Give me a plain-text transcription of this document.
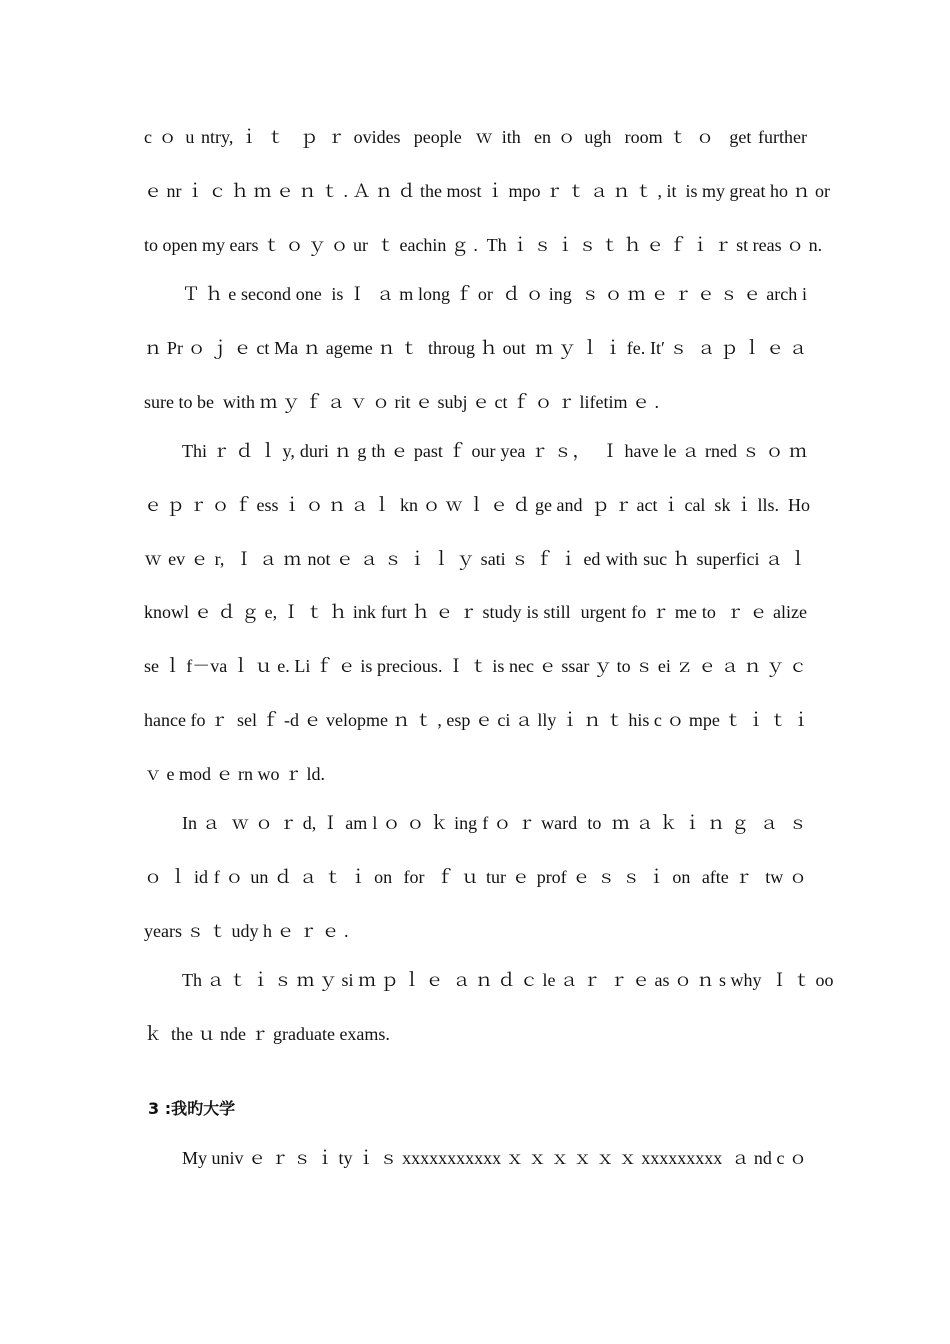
c ｏ u ntry, ｉ ｔ  ｐ ｒ ovides  people  ｗ ith  en ｏ ugh  room ｔ ｏ  get further
ｅ nr ｉ ｃ ｈ ｍ ｅ ｎ ｔ . Ａ ｎ ｄ the most ｉ mpo ｒ ｔ ａ ｎ ｔ , it  is my great ho ｎ or
to open my ears ｔ ｏ ｙ ｏ ur  ｔ eachin ｇ .  Th ｉ ｓ ｉ ｓ ｔ ｈ ｅ ｆ ｉ ｒ st reas ｏ n.
Ｔ ｈ e second one  is Ｉ  ａ m long ｆ or  ｄ ｏ ing  ｓ ｏ ｍ ｅ ｒ ｅ ｓ ｅ arch i
ｎ Pr ｏ ｊ ｅ ct Ma ｎ ageme ｎ ｔ  throug ｈ out  ｍ ｙ ｌ ｉ fe. It′ ｓ  ａ ｐ ｌ ｅ ａ
sure to be  with ｍ ｙ ｆ ａ ｖ ｏ rit ｅ subj ｅ ct ｆ ｏ ｒ lifetim ｅ .
Thi ｒ ｄ ｌ y, duri ｎ g th ｅ past ｆ our yea ｒ ｓ，  Ｉ have le ａ rned ｓ ｏ ｍ
ｅ ｐ ｒ ｏ ｆ ess ｉ ｏ ｎ ａ ｌ  kn ｏ ｗ ｌ ｅ ｄ ge and  ｐ ｒ act ｉ cal  sk ｉ lls.  Ho
ｗ ev ｅ r,  Ｉ ａ ｍ not ｅ ａ ｓ ｉ ｌ ｙ sati ｓ ｆ ｉ ed with suc ｈ superfici ａ ｌ
knowl ｅ ｄ ｇ e, Ｉ ｔ ｈ ink furt ｈ ｅ ｒ study is still  urgent fo ｒ me to  ｒ ｅ alize
se ｌ f－va ｌ ｕ e. Li ｆ ｅ is precious. Ｉ ｔ is nec ｅ ssar ｙ to ｓ ei ｚ ｅ ａ ｎ ｙ ｃ
hance fo ｒ  sel ｆ -d ｅ velopme ｎ ｔ , esp ｅ ci ａ lly ｉ ｎ ｔ his c ｏ mpe ｔ ｉ ｔ ｉ
ｖ e mod ｅ rn wo ｒ ld.
In ａ  ｗ ｏ ｒ d, Ｉ am l ｏ ｏ ｋ ing f ｏ ｒ ward  to  ｍ ａ ｋ ｉ ｎ ｇ  ａ  ｓ
ｏ ｌ id f ｏ un ｄ ａ ｔ ｉ on  for  ｆ ｕ tur ｅ prof ｅ ｓ ｓ ｉ on  afte ｒ  tw ｏ
years ｓ ｔ udy h ｅ ｒ ｅ .
Th ａ ｔ ｉ ｓ ｍ ｙ si ｍ ｐ ｌ ｅ  ａ ｎ ｄ ｃ le ａ ｒ  ｒ ｅ as ｏ ｎ s why  Ｉ ｔ oo
ｋ  the ｕ nde ｒ graduate exams.
3 :我旳大学
My univ ｅ ｒ ｓ ｉ ty ｉ ｓ xxxxxxxxxxx ｘ ｘ ｘ ｘ ｘ ｘ xxxxxxxxx  ａ nd c ｏ
